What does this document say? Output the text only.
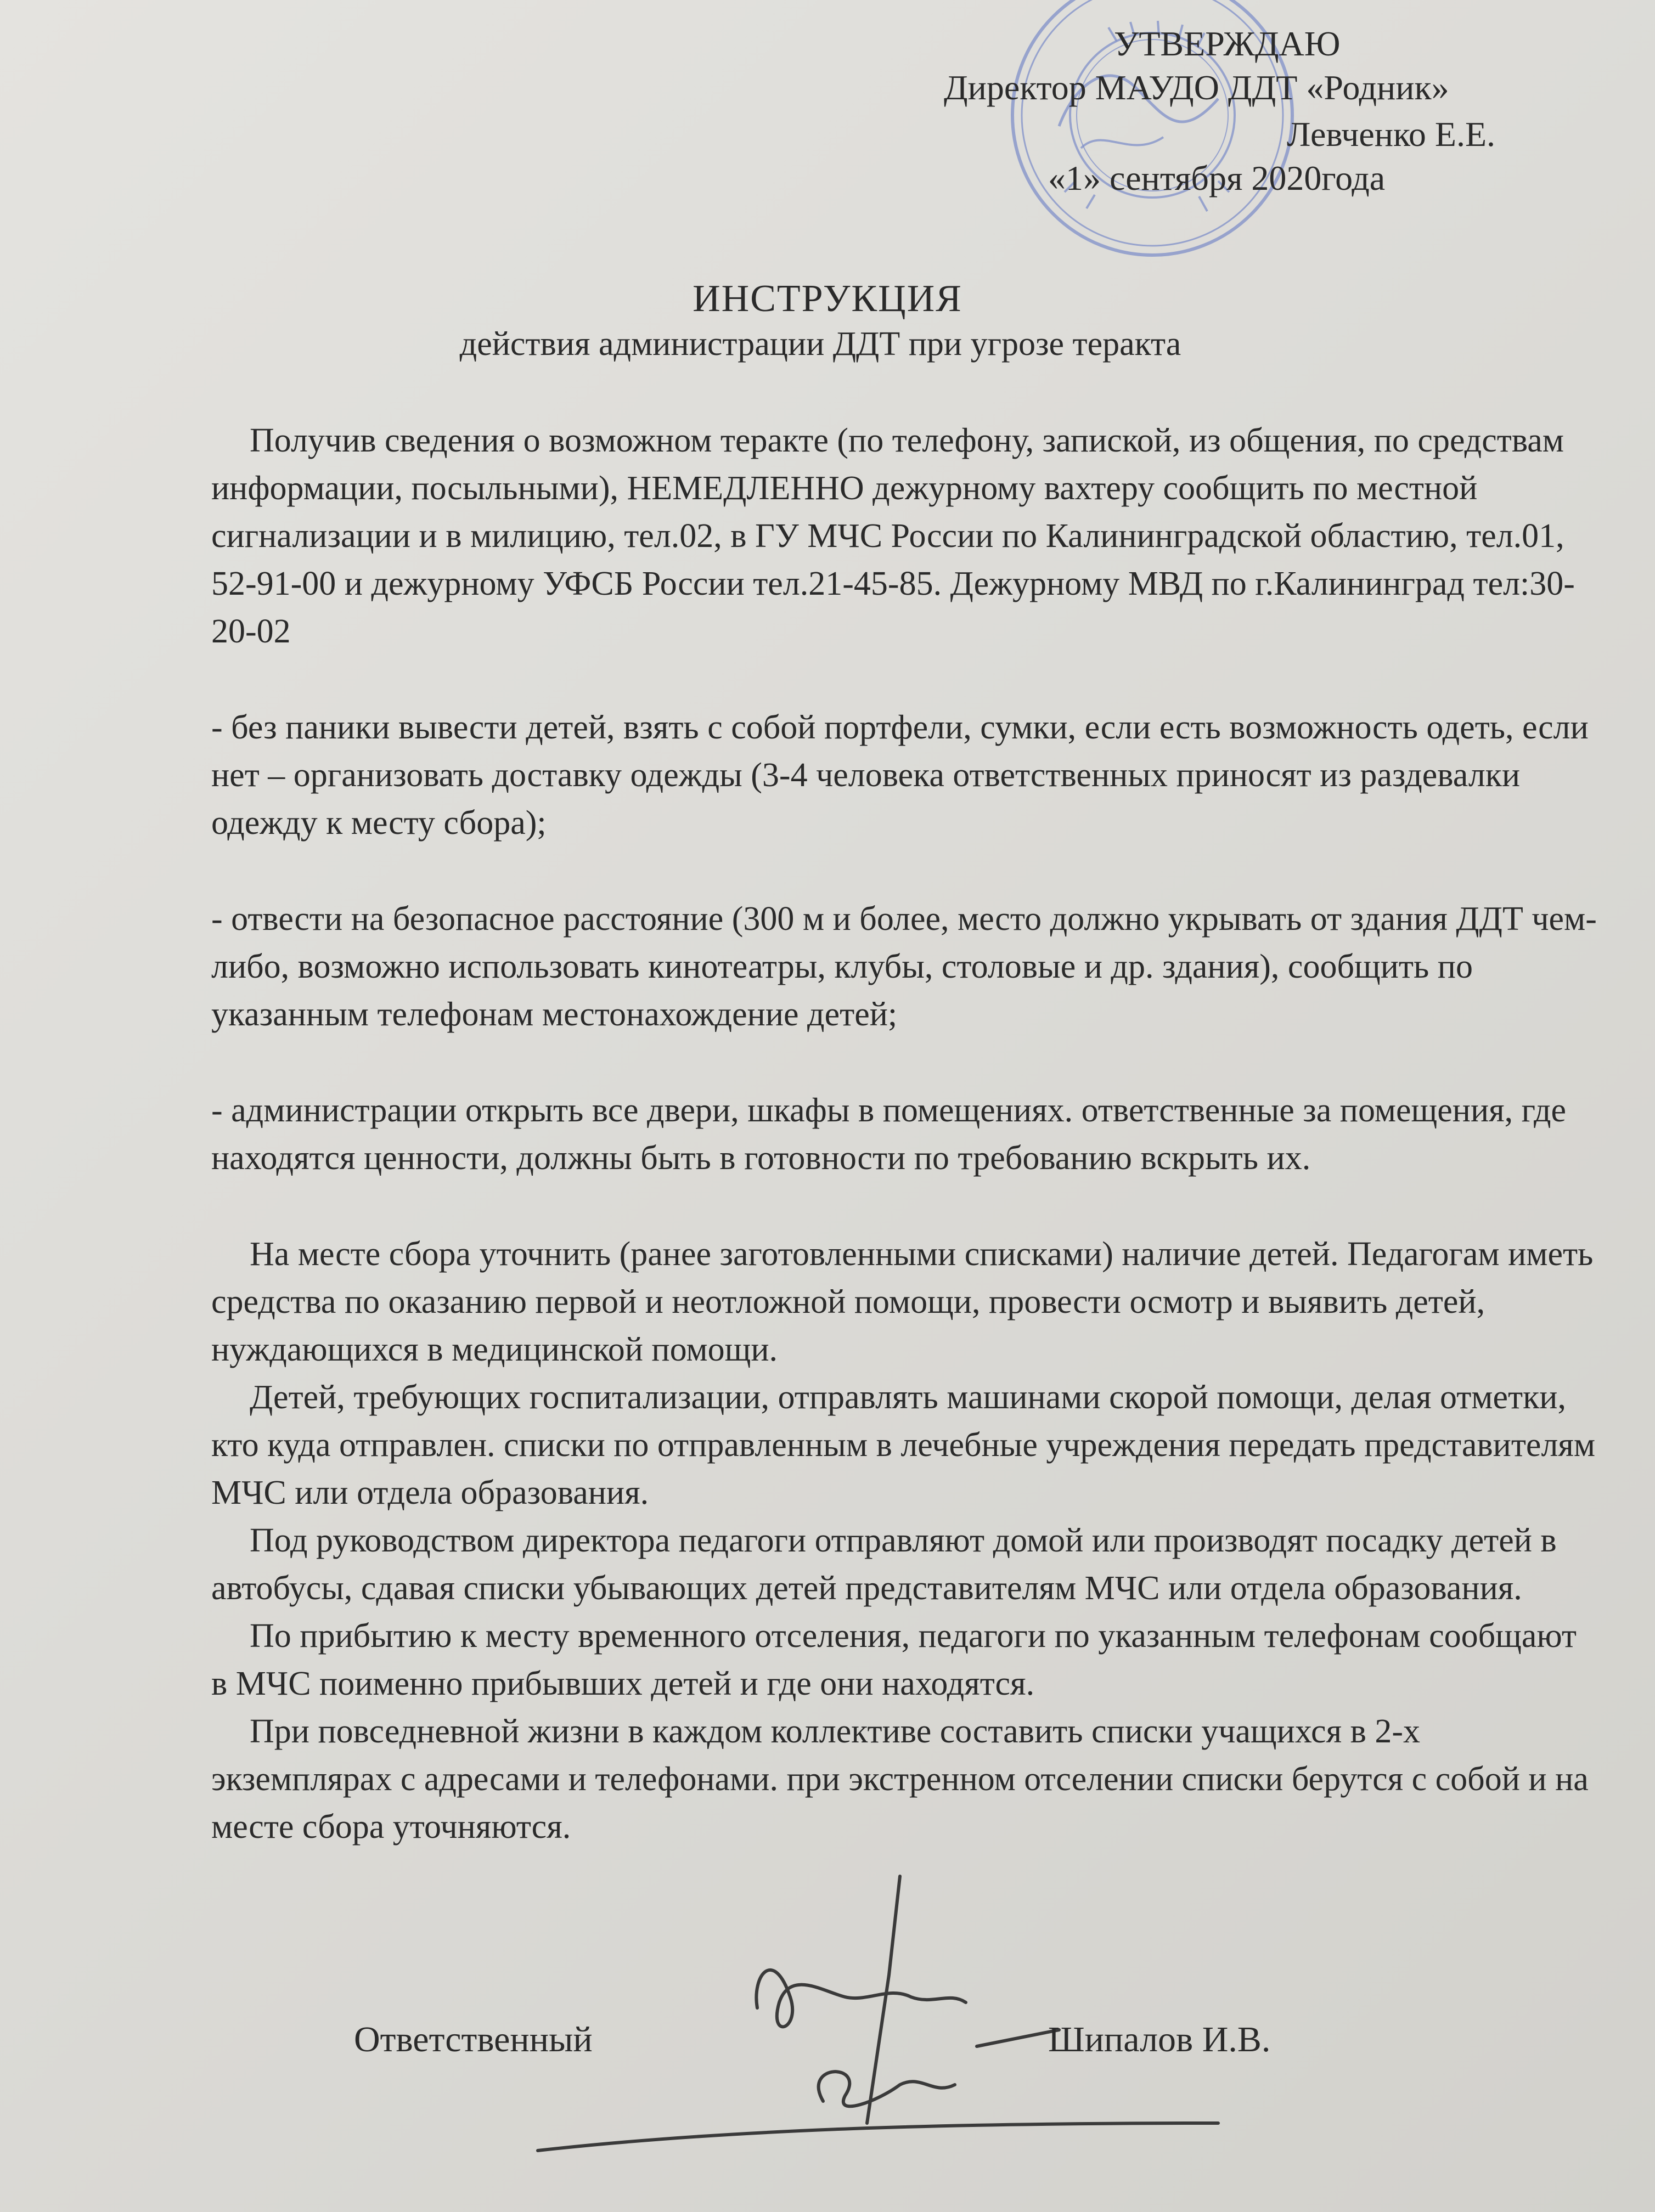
УТВЕРЖДАЮ
Директор МАУДО ДДТ «Родник»
Левченко Е.Е.
«1» сентября 2020года
ИНСТРУКЦИЯ
действия администрации ДДТ при угрозе теракта

Получив сведения о возможном теракте (по телефону, запиской, из общения, по средствам информации, посыльными), НЕМЕДЛЕННО дежурному вахтеру сообщить по местной сигнализации и в милицию, тел.02, в ГУ МЧС России по Калининградской областию, тел.01, 52-91-00 и дежурному УФСБ России тел.21-45-85. Дежурному МВД по г.Калининград тел:30-20-02

- без паники вывести детей, взять с собой портфели, сумки, если есть возможность одеть, если нет – организовать доставку одежды (3-4 человека ответственных приносят из раздевалки одежду к месту сбора);

- отвести на безопасное расстояние (300 м и более, место должно укрывать от здания ДДТ чем-либо, возможно использовать кинотеатры, клубы, столовые и др. здания), сообщить по указанным телефонам местонахождение детей;

- администрации открыть все двери, шкафы в помещениях. ответственные за помещения, где находятся ценности, должны быть в готовности по требованию вскрыть их.

На месте сбора уточнить (ранее заготовленными списками) наличие детей. Педагогам иметь средства по оказанию первой и неотложной помощи, провести осмотр и выявить детей, нуждающихся в медицинской помощи.

Детей, требующих госпитализации, отправлять машинами скорой помощи, делая отметки, кто куда отправлен. списки по отправленным в лечебные учреждения передать представителям МЧС или отдела образования.

Под руководством директора педагоги отправляют домой или производят посадку детей в автобусы, сдавая списки убывающих детей представителям МЧС или отдела образования.

По прибытию к месту временного отселения, педагоги по указанным телефонам сообщают в МЧС поименно прибывших детей и где они находятся.

При повседневной жизни в каждом коллективе составить списки учащихся в 2-х экземплярах с адресами и телефонами. при экстренном отселении списки берутся с собой и на месте сбора уточняются.

Ответственный	Шипалов И.В.
